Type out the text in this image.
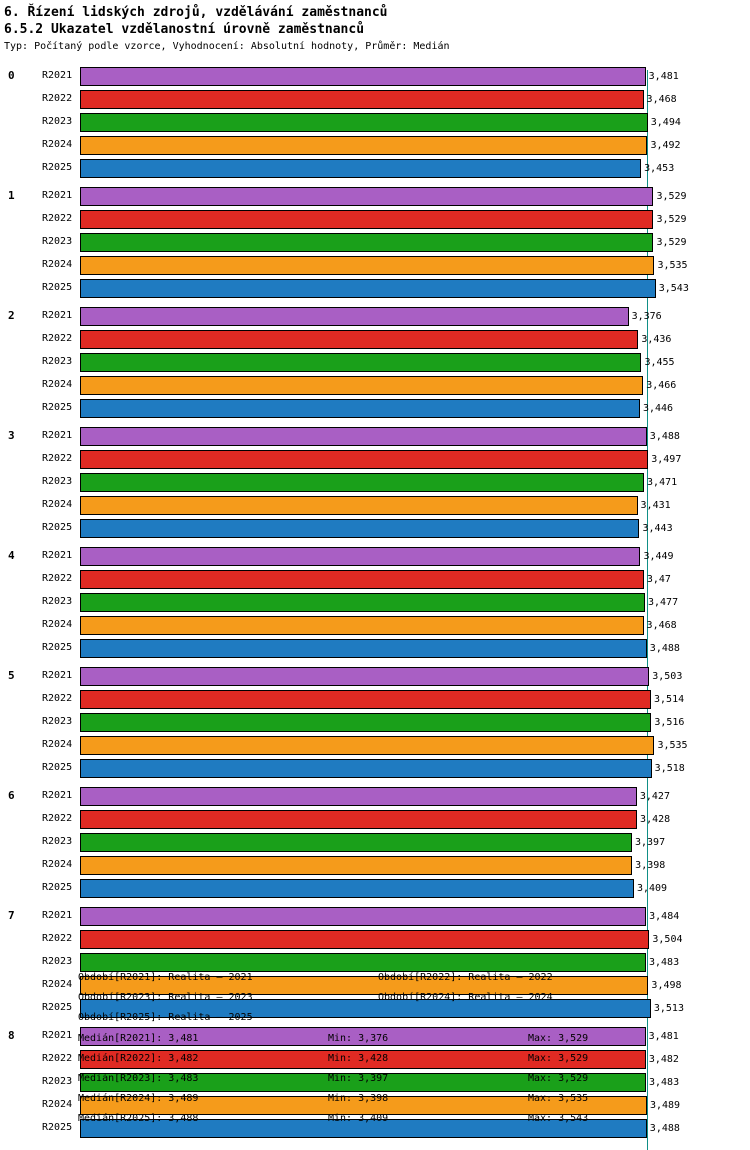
6. Řízení lidských zdrojů, vzdělávání zaměstnanců
6.5.2 Ukazatel vzdělanostní úrovně zaměstnanců
Typ: Počítaný podle vzorce, Vyhodnocení: Absolutní hodnoty, Průměr: Medián
0	R2021	3,481
R2022	3,468
R2023	3,494
R2024	3,492
R2025	3,453
1	R2021	3,529
R2022	3,529
R2023	3,529
R2024	3,535
R2025	3,543
2	R2021	3,376
R2022	3,436
R2023	3,455
R2024	3,466
R2025	3,446
3	R2021	3,488
R2022	3,497
R2023	3,471
R2024	3,431
R2025	3,443
4	R2021	3,449
R2022	3,47
R2023	3,477
R2024	3,468
R2025	3,488
5	R2021	3,503
R2022	3,514
R2023	3,516
R2024	3,535
R2025	3,518
6	R2021	3,427
R2022	3,428
R2023	3,397
R2024	3,398
R2025	3,409
7	R2021	3,484
R2022	3,504
R2023	3,483
R2024	3,498
R2025	3,513
8	R2021	3,481
R2022	3,482
R2023	3,483
R2024	3,489
R2025	3,488
Období[R2021]: Realita – 2021	Období[R2022]: Realita – 2022
Období[R2023]: Realita – 2023	Období[R2024]: Realita – 2024
Období[R2025]: Realita – 2025
Medián[R2021]: 3,481	Min: 3,376	Max: 3,529
Medián[R2022]: 3,482	Min: 3,428	Max: 3,529
Medián[R2023]: 3,483	Min: 3,397	Max: 3,529
Medián[R2024]: 3,489	Min: 3,398	Max: 3,535
Medián[R2025]: 3,488	Min: 3,409	Max: 3,543
